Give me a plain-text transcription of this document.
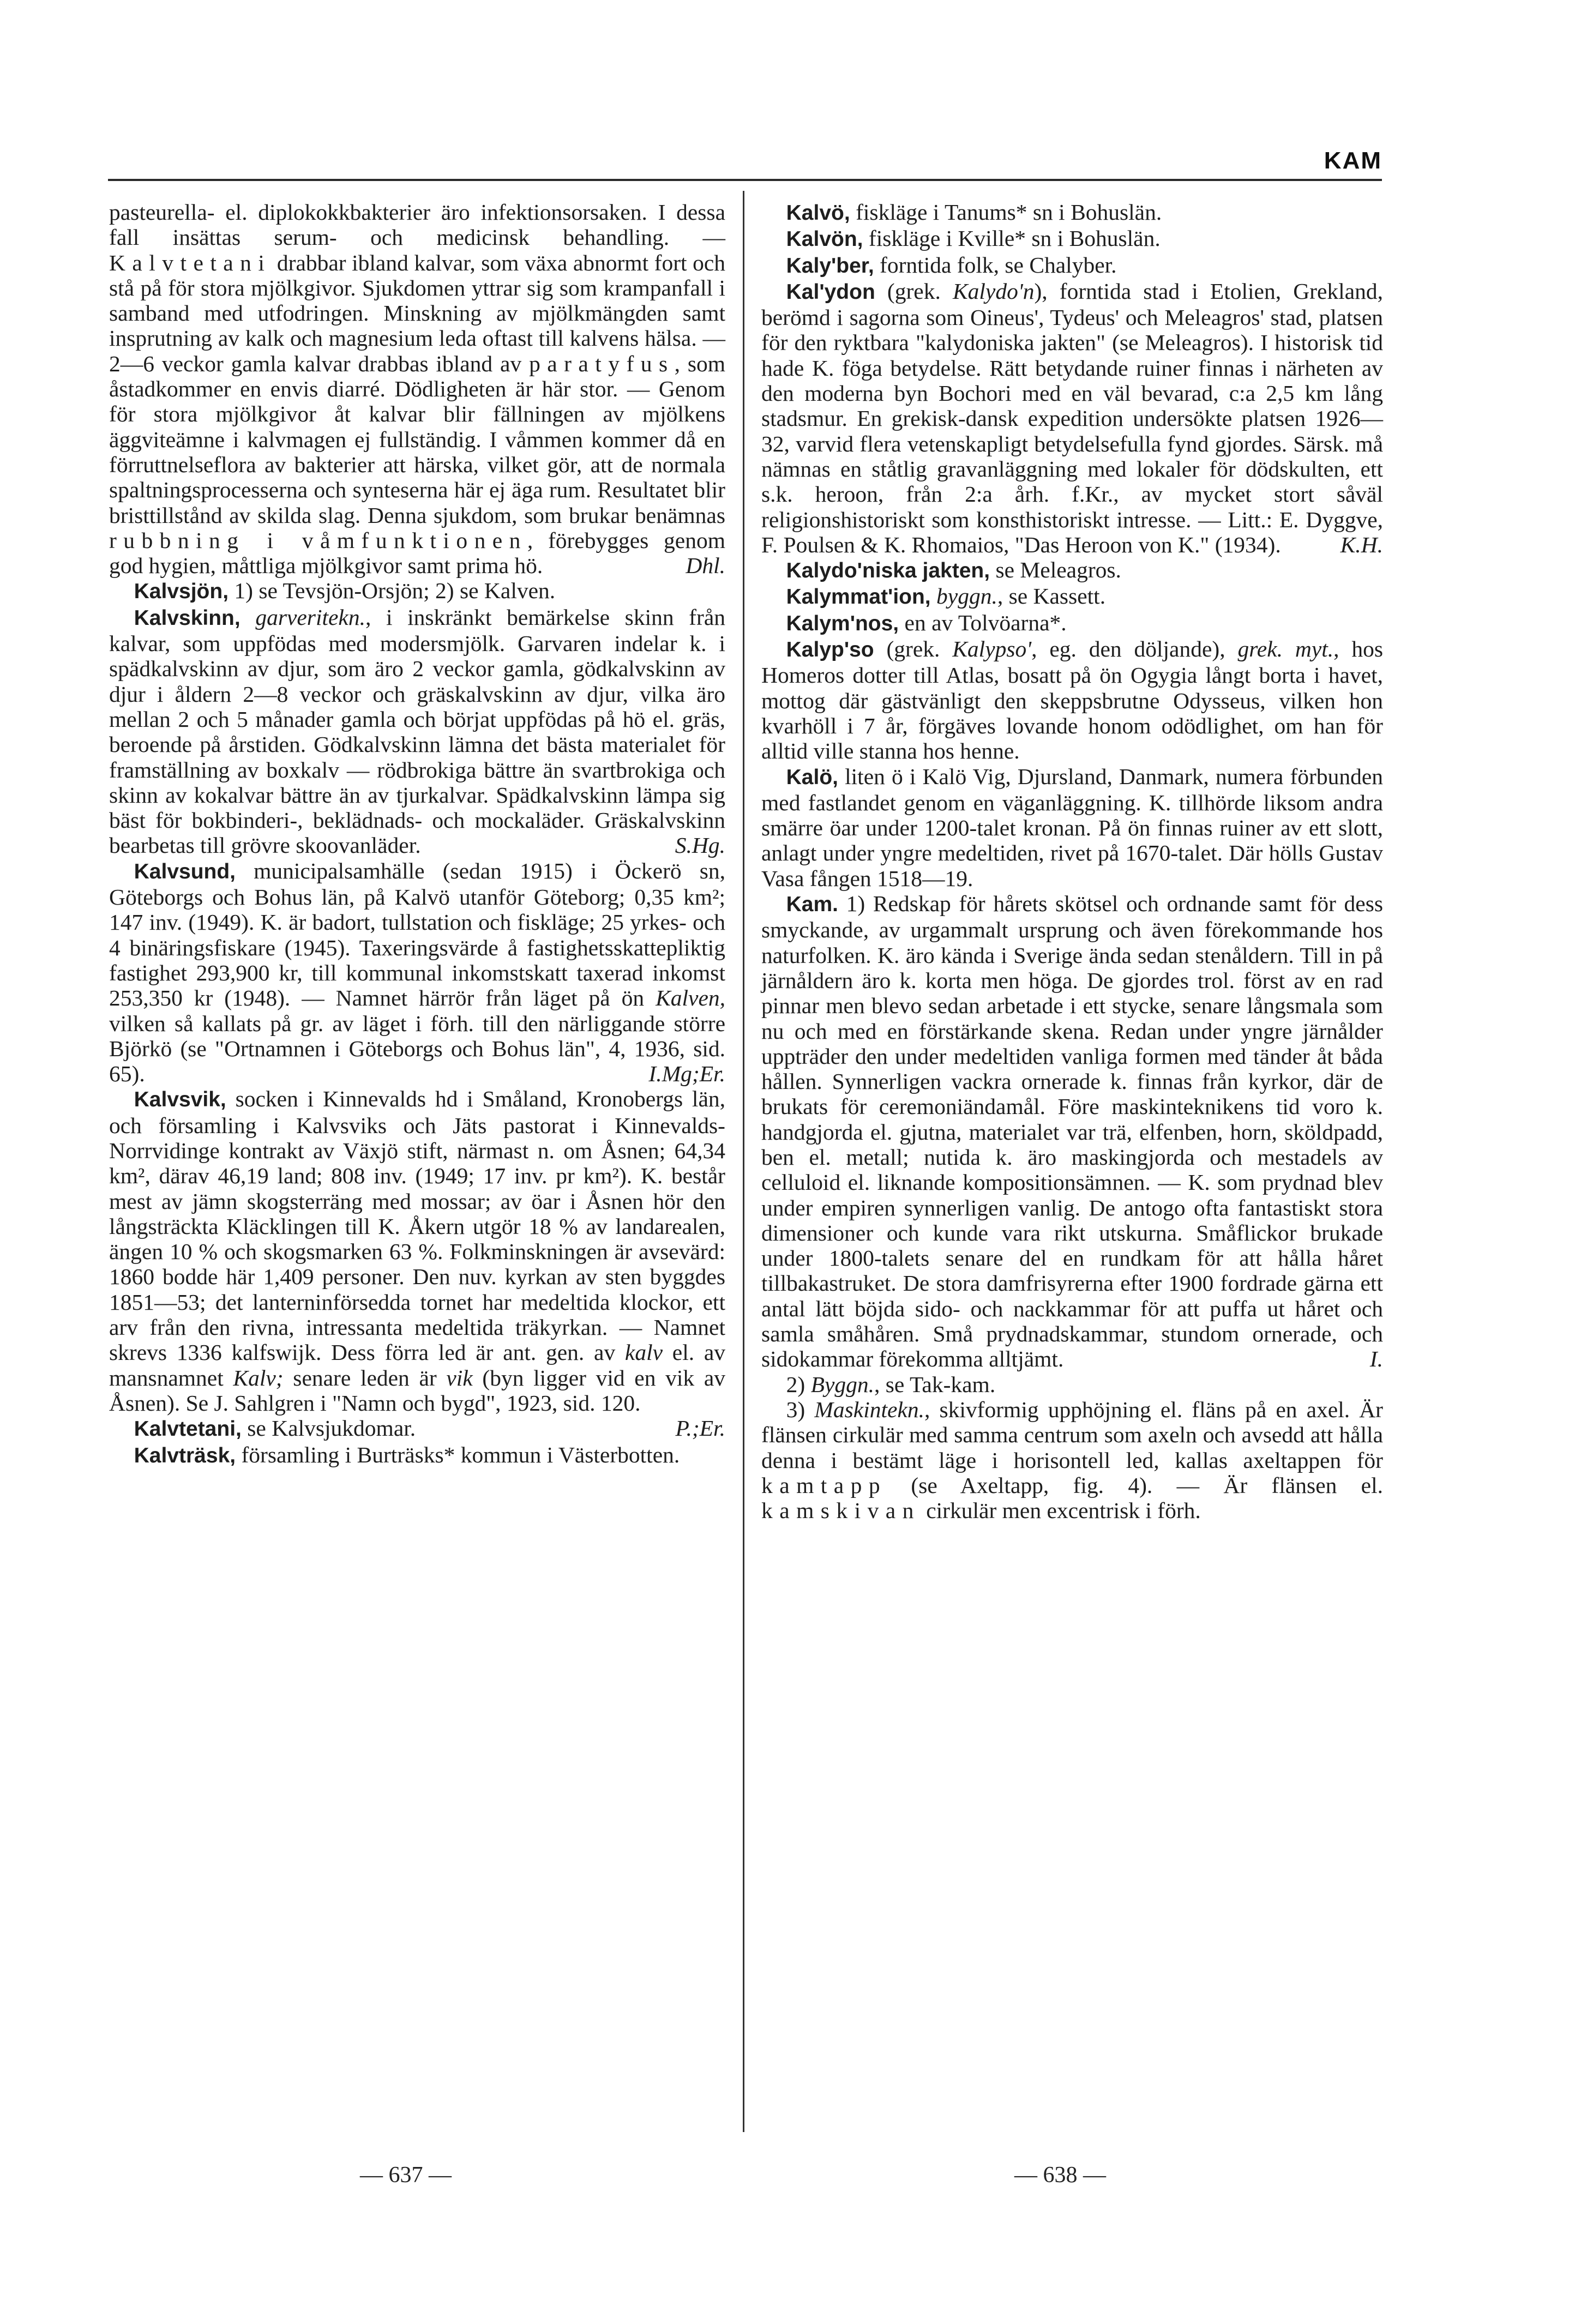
KAM

pasteurella- el. diplokokkbakterier äro infektionsorsaken. I dessa fall insättas serum- och medicinsk behandling. — Kalvtetani drabbar ibland kalvar, som växa abnormt fort och stå på för stora mjölkgivor. Sjukdomen yttrar sig som krampanfall i samband med utfodringen. Minskning av mjölkmängden samt insprutning av kalk och magnesium leda oftast till kalvens hälsa. — 2—6 veckor gamla kalvar drabbas ibland av paratyfus, som åstadkommer en envis diarré. Dödligheten är här stor. — Genom för stora mjölkgivor åt kalvar blir fällningen av mjölkens äggviteämne i kalvmagen ej fullständig. I våmmen kommer då en förruttnelseflora av bakterier att härska, vilket gör, att de normala spaltningsprocesserna och synteserna här ej äga rum. Resultatet blir bristtillstånd av skilda slag. Denna sjukdom, som brukar benämnas rubbning i våmfunktionen, förebygges genom god hygien, måttliga mjölkgivor samt prima hö.	Dhl.

Kalvsjön, 1) se Tevsjön-Orsjön; 2) se Kalven.

Kalvskinn, garveritekn., i inskränkt bemärkelse skinn från kalvar, som uppfödas med modersmjölk. Garvaren indelar k. i spädkalvskinn av djur, som äro 2 veckor gamla, gödkalvskinn av djur i åldern 2—8 veckor och gräskalvskinn av djur, vilka äro mellan 2 och 5 månader gamla och börjat uppfödas på hö el. gräs, beroende på årstiden. Gödkalvskinn lämna det bästa materialet för framställning av boxkalv — rödbrokiga bättre än svartbrokiga och skinn av kokalvar bättre än av tjurkalvar. Spädkalvskinn lämpa sig bäst för bokbinderi-, beklädnads- och mockaläder. Gräskalvskinn bearbetas till grövre skoovanläder.	S.Hg.

Kalvsund, municipalsamhälle (sedan 1915) i Öckerö sn, Göteborgs och Bohus län, på Kalvö utanför Göteborg; 0,35 km²; 147 inv. (1949). K. är badort, tullstation och fiskläge; 25 yrkes- och 4 binäringsfiskare (1945). Taxeringsvärde å fastighetsskattepliktig fastighet 293,900 kr, till kommunal inkomstskatt taxerad inkomst 253,350 kr (1948). — Namnet härrör från läget på ön Kalven, vilken så kallats på gr. av läget i förh. till den närliggande större Björkö (se "Ortnamnen i Göteborgs och Bohus län", 4, 1936, sid. 65).	I.Mg;Er.

Kalvsvik, socken i Kinnevalds hd i Småland, Kronobergs län, och församling i Kalvsviks och Jäts pastorat i Kinnevalds-Norrvidinge kontrakt av Växjö stift, närmast n. om Åsnen; 64,34 km², därav 46,19 land; 808 inv. (1949; 17 inv. pr km²). K. består mest av jämn skogsterräng med mossar; av öar i Åsnen hör den långsträckta Kläcklingen till K. Åkern utgör 18 % av landarealen, ängen 10 % och skogsmarken 63 %. Folkminskningen är avsevärd: 1860 bodde här 1,409 personer. Den nuv. kyrkan av sten byggdes 1851—53; det lanterninförsedda tornet har medeltida klockor, ett arv från den rivna, intressanta medeltida träkyrkan. — Namnet skrevs 1336 kalfswijk. Dess förra led är ant. gen. av kalv el. av mansnamnet Kalv; senare leden är vik (byn ligger vid en vik av Åsnen). Se J. Sahlgren i "Namn och bygd", 1923, sid. 120.
P.;Er.

Kalvtetani, se Kalvsjukdomar.

Kalvträsk, församling i Burträsks* kommun i Västerbotten.

Kalvö, fiskläge i Tanums* sn i Bohuslän.

Kalvön, fiskläge i Kville* sn i Bohuslän.

Kaly'ber, forntida folk, se Chalyber.

Kal'ydon (grek. Kalydo'n), forntida stad i Etolien, Grekland, berömd i sagorna som Oineus', Tydeus' och Meleagros' stad, platsen för den ryktbara "kalydoniska jakten" (se Meleagros). I historisk tid hade K. föga betydelse. Rätt betydande ruiner finnas i närheten av den moderna byn Bochori med en väl bevarad, c:a 2,5 km lång stadsmur. En grekisk-dansk expedition undersökte platsen 1926—32, varvid flera vetenskapligt betydelsefulla fynd gjordes. Särsk. må nämnas en ståtlig gravanläggning med lokaler för dödskulten, ett s.k. heroon, från 2:a årh. f.Kr., av mycket stort såväl religionshistoriskt som konsthistoriskt intresse. — Litt.: E. Dyggve, F. Poulsen & K. Rhomaios, "Das Heroon von K." (1934).	K.H.

Kalydo'niska jakten, se Meleagros.

Kalymmat'ion, byggn., se Kassett.

Kalym'nos, en av Tolvöarna*.

Kalyp'so (grek. Kalypso', eg. den döljande), grek. myt., hos Homeros dotter till Atlas, bosatt på ön Ogygia långt borta i havet, mottog där gästvänligt den skeppsbrutne Odysseus, vilken hon kvarhöll i 7 år, förgäves lovande honom odödlighet, om han för alltid ville stanna hos henne.

Kalö, liten ö i Kalö Vig, Djursland, Danmark, numera förbunden med fastlandet genom en väganläggning. K. tillhörde liksom andra smärre öar under 1200-talet kronan. På ön finnas ruiner av ett slott, anlagt under yngre medeltiden, rivet på 1670-talet. Där hölls Gustav Vasa fången 1518—19.

Kam. 1) Redskap för hårets skötsel och ordnande samt för dess smyckande, av urgammalt ursprung och även förekommande hos naturfolken. K. äro kända i Sverige ända sedan stenåldern. Till in på järnåldern äro k. korta men höga. De gjordes trol. först av en rad pinnar men blevo sedan arbetade i ett stycke, senare långsmala som nu och med en förstärkande skena. Redan under yngre järnålder uppträder den under medeltiden vanliga formen med tänder åt båda hållen. Synnerligen vackra ornerade k. finnas från kyrkor, där de brukats för ceremoniändamål. Före maskinteknikens tid voro k. handgjorda el. gjutna, materialet var trä, elfenben, horn, sköldpadd, ben el. metall; nutida k. äro maskingjorda och mestadels av celluloid el. liknande kompositionsämnen. — K. som prydnad blev under empiren synnerligen vanlig. De antogo ofta fantastiskt stora dimensioner och kunde vara rikt utskurna. Småflickor brukade under 1800-talets senare del en rundkam för att hålla håret tillbakastruket. De stora damfrisyrerna efter 1900 fordrade gärna ett antal lätt böjda sido- och nackkammar för att puffa ut håret och samla småhåren. Små prydnadskammar, stundom ornerade, och sidokammar förekomma alltjämt.	I.

2) Byggn., se Tak-kam.

3) Maskintekn., skivformig upphöjning el. fläns på en axel. Är flänsen cirkulär med samma centrum som axeln och avsedd att hålla denna i bestämt läge i horisontell led, kallas axeltappen för kamtapp (se Axeltapp, fig. 4). — Är flänsen el. kamskivan cirkulär men excentrisk i förh.

— 637 —	— 638 —
